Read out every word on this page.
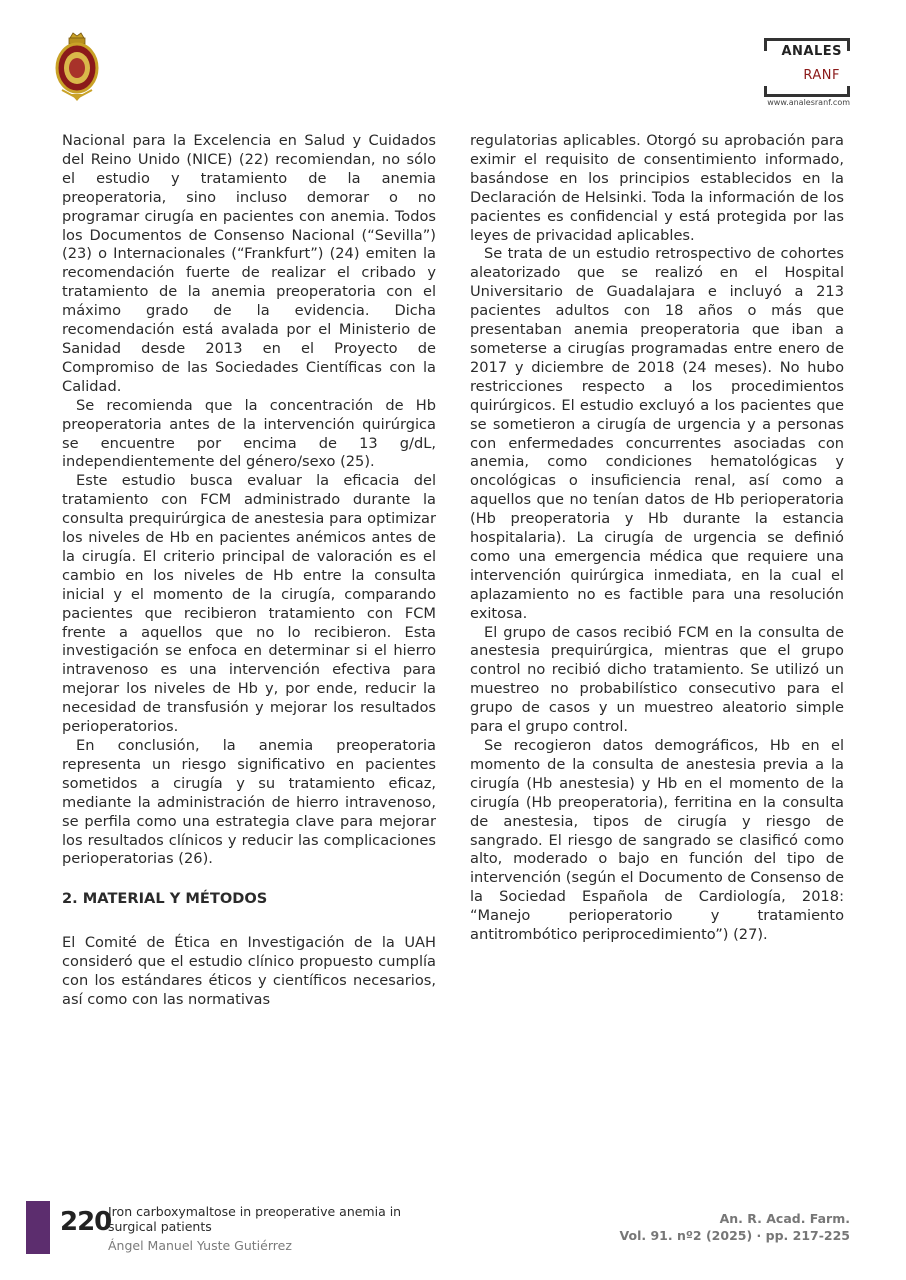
ANALES
RANF
www.analesranf.com

Nacional para la Excelencia en Salud y Cuidados del Reino Unido (NICE) (22) recomiendan, no sólo el estudio y tratamiento de la anemia preoperatoria, sino incluso demorar o no programar cirugía en pacientes con anemia. Todos los Documentos de Consenso Nacional (“Sevilla”) (23) o Internacionales (“Frankfurt”) (24) emiten la recomendación fuerte de realizar el cribado y tratamiento de la anemia preoperatoria con el máximo grado de la evidencia. Dicha recomendación está avalada por el Ministerio de Sanidad desde 2013 en el Proyecto de Compromiso de las Sociedades Científicas con la Calidad.

Se recomienda que la concentración de Hb preoperatoria antes de la intervención quirúrgica se encuentre por encima de 13 g/dL, independientemente del género/sexo (25).

Este estudio busca evaluar la eficacia del tratamiento con FCM administrado durante la consulta prequirúrgica de anestesia para optimizar los niveles de Hb en pacientes anémicos antes de la cirugía. El criterio principal de valoración es el cambio en los niveles de Hb entre la consulta inicial y el momento de la cirugía, comparando pacientes que recibieron tratamiento con FCM frente a aquellos que no lo recibieron. Esta investigación se enfoca en determinar si el hierro intravenoso es una intervención efectiva para mejorar los niveles de Hb y, por ende, reducir la necesidad de transfusión y mejorar los resultados perioperatorios.

En conclusión, la anemia preoperatoria representa un riesgo significativo en pacientes sometidos a cirugía y su tratamiento eficaz, mediante la administración de hierro intravenoso, se perfila como una estrategia clave para mejorar los resultados clínicos y reducir las complicaciones perioperatorias (26).

2. MATERIAL Y MÉTODOS

El Comité de Ética en Investigación de la UAH consideró que el estudio clínico propuesto cumplía con los estándares éticos y científicos necesarios, así como con las normativas

regulatorias aplicables. Otorgó su aprobación para eximir el requisito de consentimiento informado, basándose en los principios establecidos en la Declaración de Helsinki. Toda la información de los pacientes es confidencial y está protegida por las leyes de privacidad aplicables.

Se trata de un estudio retrospectivo de cohortes aleatorizado que se realizó en el Hospital Universitario de Guadalajara e incluyó a 213 pacientes adultos con 18 años o más que presentaban anemia preoperatoria que iban a someterse a cirugías programadas entre enero de 2017 y diciembre de 2018 (24 meses). No hubo restricciones respecto a los procedimientos quirúrgicos. El estudio excluyó a los pacientes que se sometieron a cirugía de urgencia y a personas con enfermedades concurrentes asociadas con anemia, como condiciones hematológicas y oncológicas o insuficiencia renal, así como a aquellos que no tenían datos de Hb perioperatoria (Hb preoperatoria y Hb durante la estancia hospitalaria). La cirugía de urgencia se definió como una emergencia médica que requiere una intervención quirúrgica inmediata, en la cual el aplazamiento no es factible para una resolución exitosa.

El grupo de casos recibió FCM en la consulta de anestesia prequirúrgica, mientras que el grupo control no recibió dicho tratamiento. Se utilizó un muestreo no probabilístico consecutivo para el grupo de casos y un muestreo aleatorio simple para el grupo control.

Se recogieron datos demográficos, Hb en el momento de la consulta de anestesia previa a la cirugía (Hb anestesia) y Hb en el momento de la cirugía (Hb preoperatoria), ferritina en la consulta de anestesia, tipos de cirugía y riesgo de sangrado. El riesgo de sangrado se clasificó como alto, moderado o bajo en función del tipo de intervención (según el Documento de Consenso de la Sociedad Española de Cardiología, 2018: “Manejo perioperatorio y tratamiento antitrombótico periprocedimiento”) (27).

220
Iron carboxymaltose in preoperative anemia in surgical patients
Ángel Manuel Yuste Gutiérrez
An. R. Acad. Farm.
Vol. 91. nº2 (2025) · pp. 217-225
